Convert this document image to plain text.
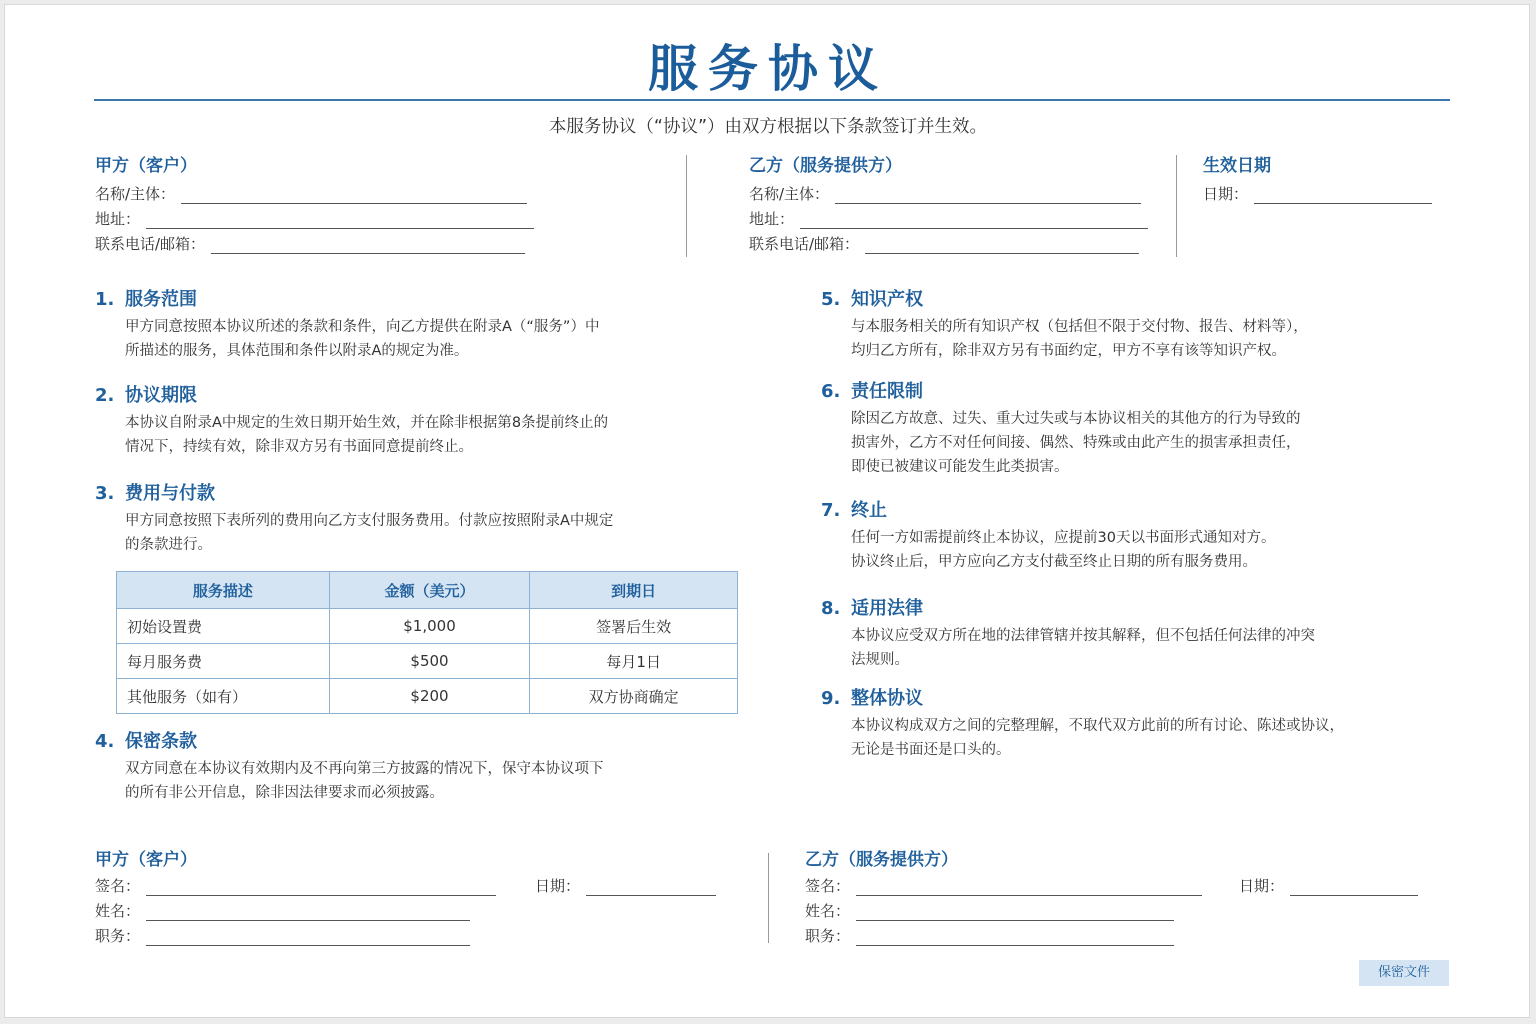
服务协议
本服务协议（“协议”）由双方根据以下条款签订并生效。
甲方（客户）
名称/主体：
地址：
联系电话/邮箱：
乙方（服务提供方）
名称/主体：
地址：
联系电话/邮箱：
生效日期
日期：
1. 服务范围
甲方同意按照本协议所述的条款和条件，向乙方提供在附录A（“服务”）中
所描述的服务，具体范围和条件以附录A的规定为准。
2. 协议期限
本协议自附录A中规定的生效日期开始生效，并在除非根据第8条提前终止的
情况下，持续有效，除非双方另有书面同意提前终止。
3. 费用与付款
甲方同意按照下表所列的费用向乙方支付服务费用。付款应按照附录A中规定
的条款进行。
服务描述	金额（美元）	到期日
初始设置费	$1,000	签署后生效
每月服务费	$500	每月1日
其他服务（如有）	$200	双方协商确定
4. 保密条款
双方同意在本协议有效期内及不再向第三方披露的情况下，保守本协议项下
的所有非公开信息，除非因法律要求而必须披露。
5. 知识产权
与本服务相关的所有知识产权（包括但不限于交付物、报告、材料等），
均归乙方所有，除非双方另有书面约定，甲方不享有该等知识产权。
6. 责任限制
除因乙方故意、过失、重大过失或与本协议相关的其他方的行为导致的
损害外，乙方不对任何间接、偶然、特殊或由此产生的损害承担责任，
即使已被建议可能发生此类损害。
7. 终止
任何一方如需提前终止本协议，应提前30天以书面形式通知对方。
协议终止后，甲方应向乙方支付截至终止日期的所有服务费用。
8. 适用法律
本协议应受双方所在地的法律管辖并按其解释，但不包括任何法律的冲突
法规则。
9. 整体协议
本协议构成双方之间的完整理解，不取代双方此前的所有讨论、陈述或协议，
无论是书面还是口头的。
甲方（客户）
签名：	日期：
姓名：
职务：
乙方（服务提供方）
签名：	日期：
姓名：
职务：
保密文件
